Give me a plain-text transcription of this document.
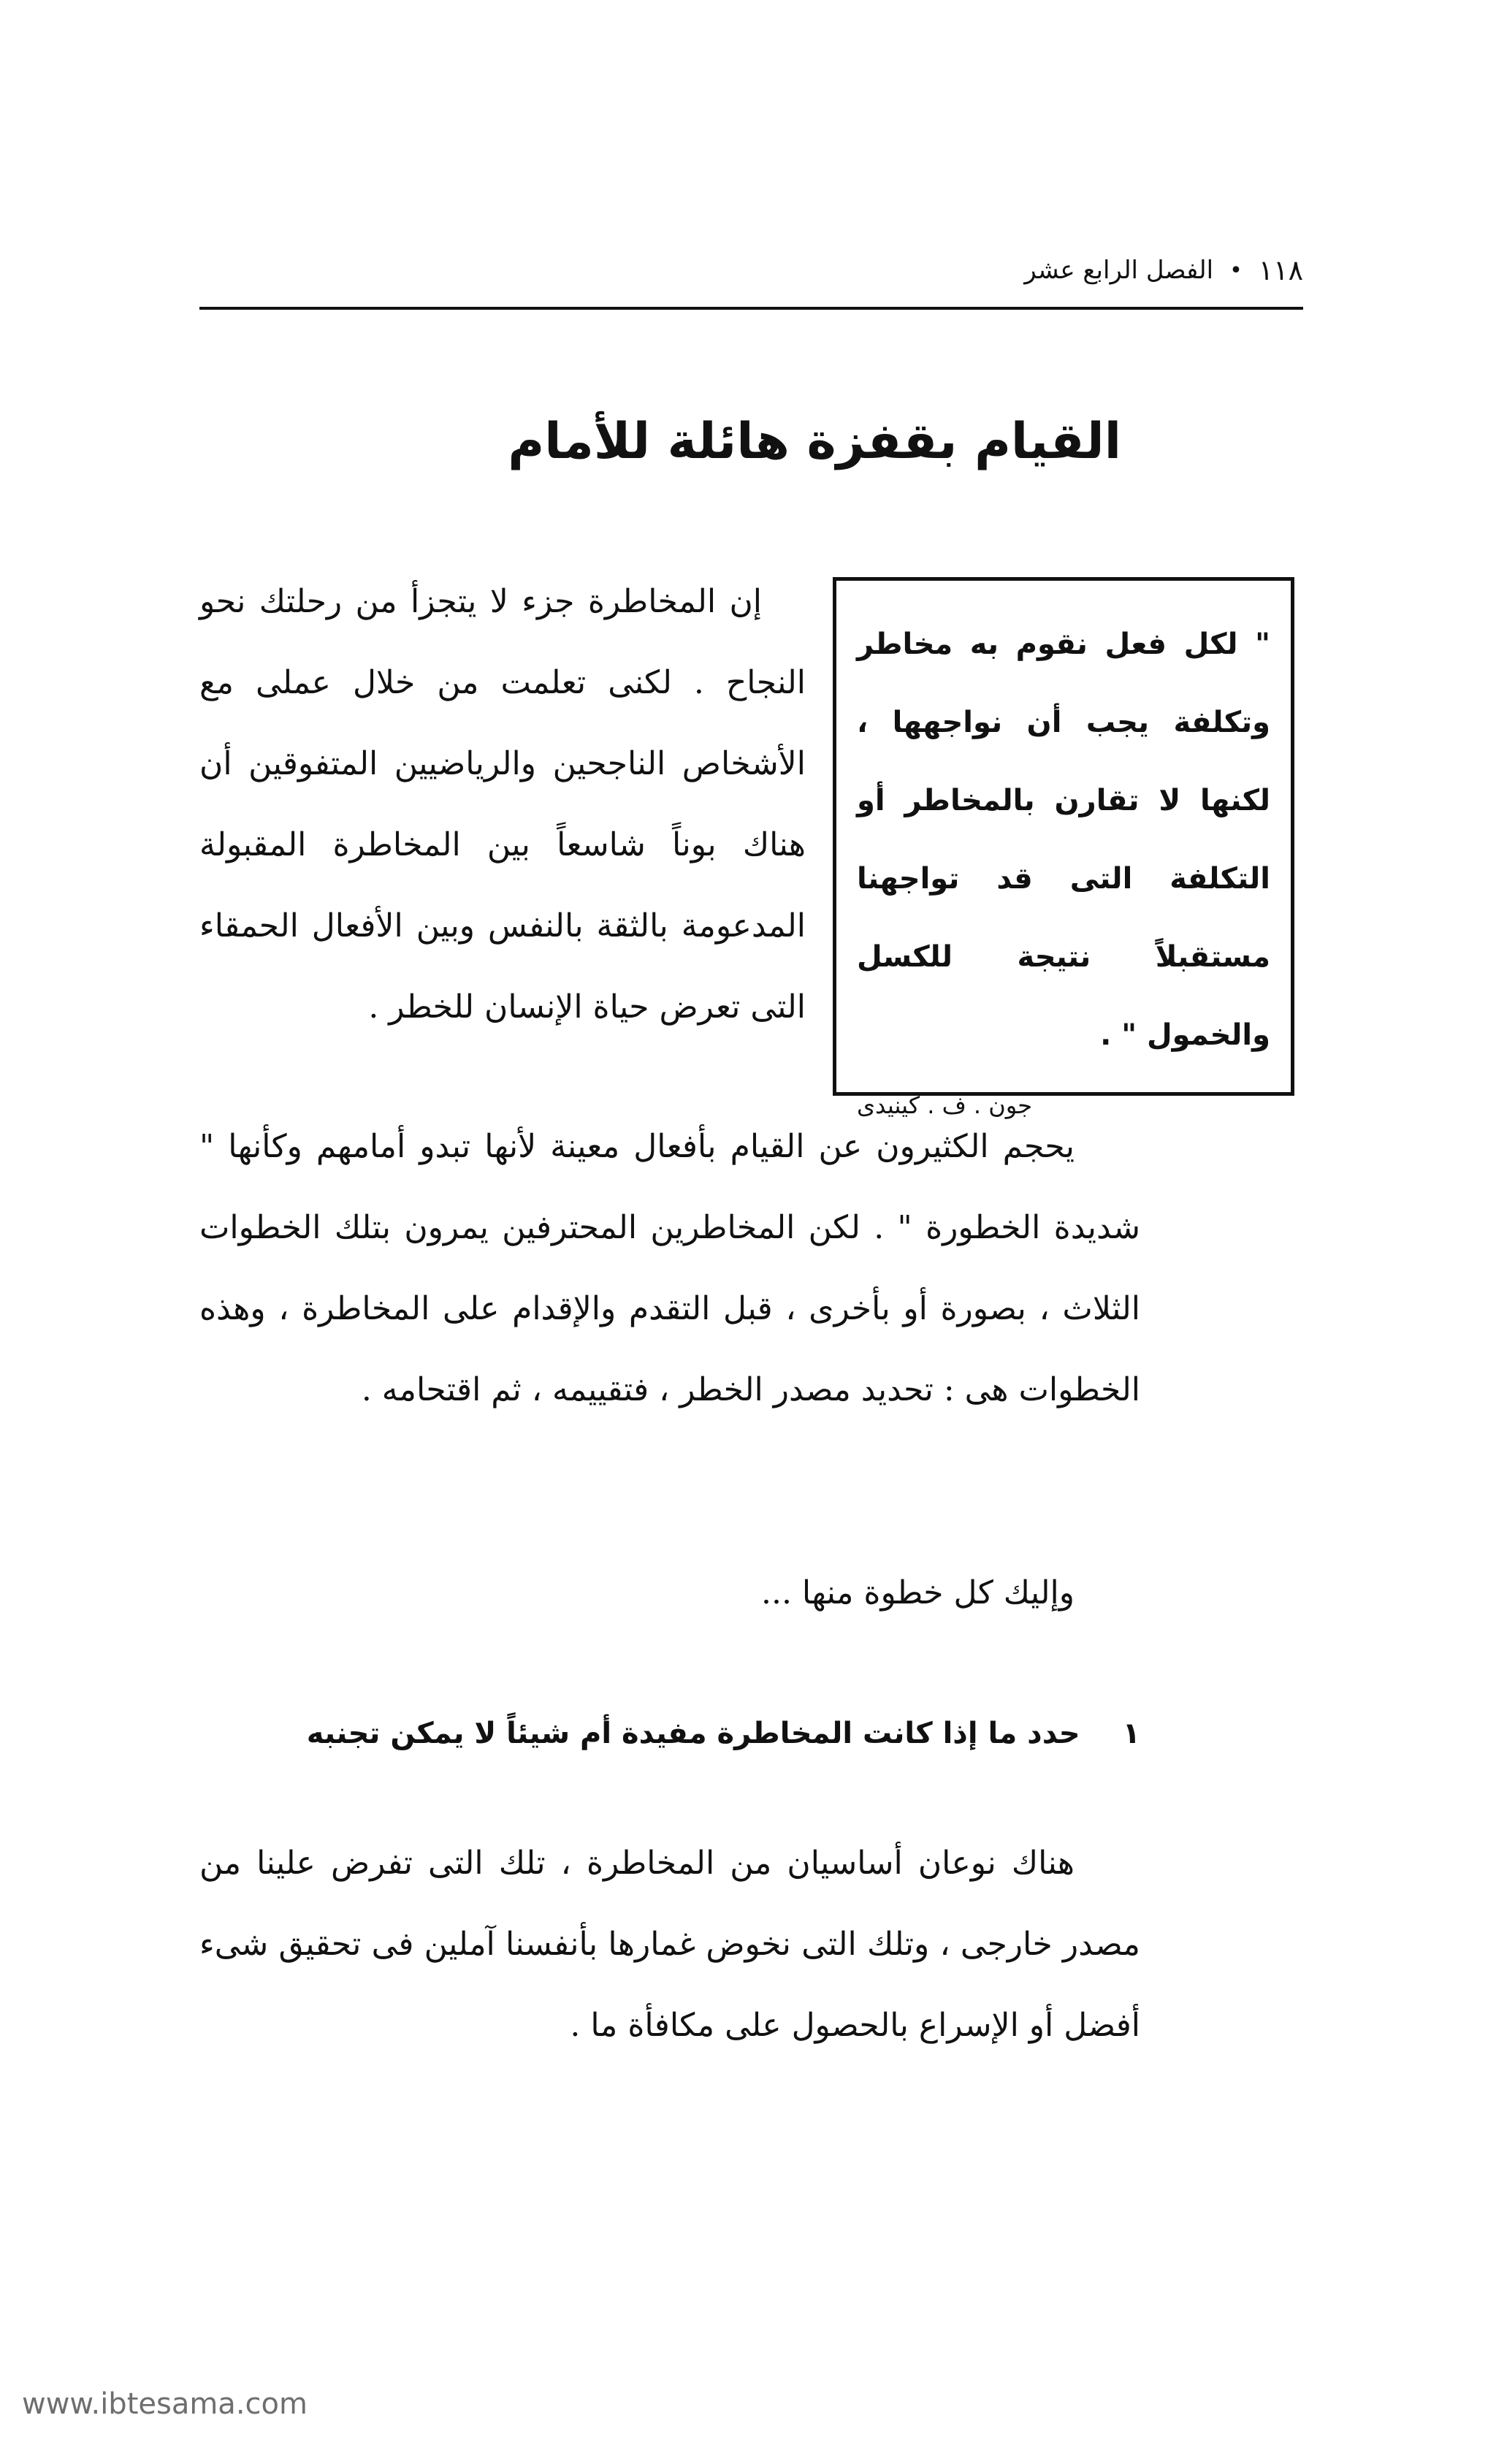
١١٨
•
الفصل الرابع عشر
القيام بقفزة هائلة للأمام
" لكل فعل نقوم به مخاطر وتكلفة يجب أن نواجهها ، لكنها لا تقارن بالمخاطر أو التكلفة التى قد تواجهنا مستقبلاً نتيجة للكسل والخمول " .
جون . ف . كينيدى

إن المخاطرة جزء لا يتجزأ من رحلتك نحو النجاح . لكنى تعلمت من خلال عملى مع الأشخاص الناجحين والرياضيين المتفوقين أن هناك بوناً شاسعاً بين المخاطرة المقبولة المدعومة بالثقة بالنفس وبين الأفعال الحمقاء التى تعرض حياة الإنسان للخطر .

يحجم الكثيرون عن القيام بأفعال معينة لأنها تبدو أمامهم وكأنها " شديدة الخطورة " . لكن المخاطرين المحترفين يمرون بتلك الخطوات الثلاث ، بصورة أو بأخرى ، قبل التقدم والإقدام على المخاطرة ، وهذه الخطوات هى : تحديد مصدر الخطر ، فتقييمه ، ثم اقتحامه .

وإليك كل خطوة منها ...

١ حدد ما إذا كانت المخاطرة مفيدة أم شيئاً لا يمكن تجنبه

هناك نوعان أساسيان من المخاطرة ، تلك التى تفرض علينا من مصدر خارجى ، وتلك التى نخوض غمارها بأنفسنا آملين فى تحقيق شىء أفضل أو الإسراع بالحصول على مكافأة ما .

www.ibtesama.com
